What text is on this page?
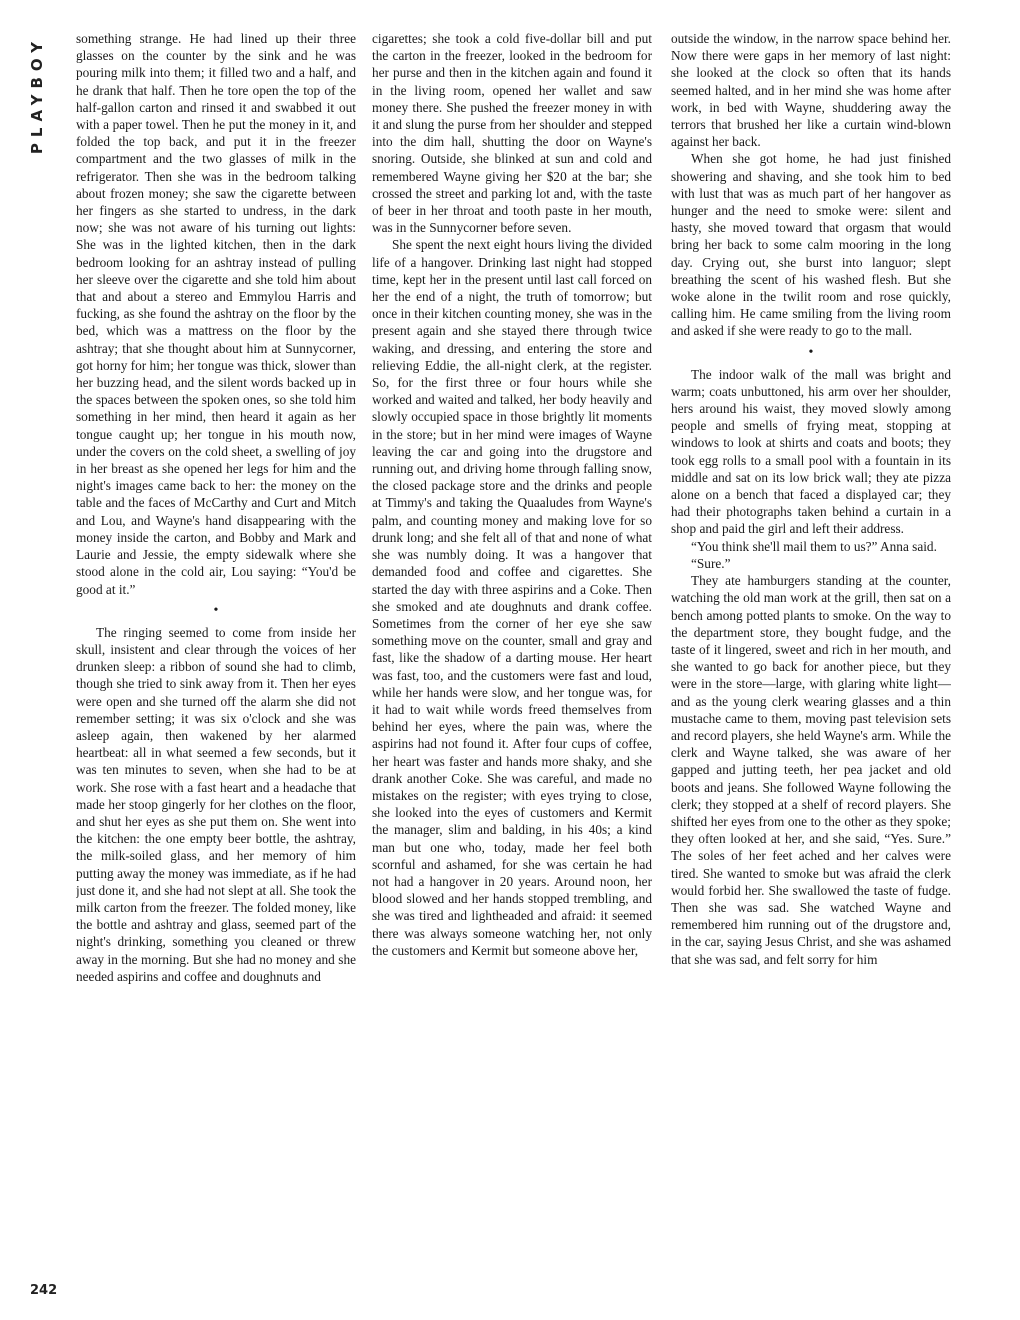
PLAYBOY
242

something strange. He had lined up their three glasses on the counter by the sink and he was pouring milk into them; it filled two and a half, and he drank that half. Then he tore open the top of the half-gallon carton and rinsed it and swabbed it out with a paper towel. Then he put the money in it, and folded the top back, and put it in the freezer compartment and the two glasses of milk in the refrigerator. Then she was in the bedroom talking about frozen money; she saw the cigarette between her fingers as she started to undress, in the dark now; she was not aware of his turning out lights: She was in the lighted kitchen, then in the dark bedroom looking for an ashtray instead of pulling her sleeve over the cigarette and she told him about that and about a stereo and Emmylou Harris and fucking, as she found the ashtray on the floor by the bed, which was a mattress on the floor by the ashtray; that she thought about him at Sunnycorner, got horny for him; her tongue was thick, slower than her buzzing head, and the silent words backed up in the spaces between the spoken ones, so she told him something in her mind, then heard it again as her tongue caught up; her tongue in his mouth now, under the covers on the cold sheet, a swelling of joy in her breast as she opened her legs for him and the night's images came back to her: the money on the table and the faces of McCarthy and Curt and Mitch and Lou, and Wayne's hand disappearing with the money inside the carton, and Bobby and Mark and Laurie and Jessie, the empty sidewalk where she stood alone in the cold air, Lou saying: “You'd be good at it.”

•

The ringing seemed to come from inside her skull, insistent and clear through the voices of her drunken sleep: a ribbon of sound she had to climb, though she tried to sink away from it. Then her eyes were open and she turned off the alarm she did not remember setting; it was six o'clock and she was asleep again, then wakened by her alarmed heartbeat: all in what seemed a few seconds, but it was ten minutes to seven, when she had to be at work. She rose with a fast heart and a headache that made her stoop gingerly for her clothes on the floor, and shut her eyes as she put them on. She went into the kitchen: the one empty beer bottle, the ashtray, the milk-soiled glass, and her memory of him putting away the money was immediate, as if he had just done it, and she had not slept at all. She took the milk carton from the freezer. The folded money, like the bottle and ashtray and glass, seemed part of the night's drinking, something you cleaned or threw away in the morning. But she had no money and she needed aspirins and coffee and doughnuts and

cigarettes; she took a cold five-dollar bill and put the carton in the freezer, looked in the bedroom for her purse and then in the kitchen again and found it in the living room, opened her wallet and saw money there. She pushed the freezer money in with it and slung the purse from her shoulder and stepped into the dim hall, shutting the door on Wayne's snoring. Outside, she blinked at sun and cold and remembered Wayne giving her $20 at the bar; she crossed the street and parking lot and, with the taste of beer in her throat and tooth paste in her mouth, was in the Sunnycorner before seven.

She spent the next eight hours living the divided life of a hangover. Drinking last night had stopped time, kept her in the present until last call forced on her the end of a night, the truth of tomorrow; but once in their kitchen counting money, she was in the present again and she stayed there through twice waking, and dressing, and entering the store and relieving Eddie, the all-night clerk, at the register. So, for the first three or four hours while she worked and waited and talked, her body heavily and slowly occupied space in those brightly lit moments in the store; but in her mind were images of Wayne leaving the car and going into the drugstore and running out, and driving home through falling snow, the closed package store and the drinks and people at Timmy's and taking the Quaaludes from Wayne's palm, and counting money and making love for so drunk long; and she felt all of that and none of what she was numbly doing. It was a hangover that demanded food and coffee and cigarettes. She started the day with three aspirins and a Coke. Then she smoked and ate doughnuts and drank coffee. Sometimes from the corner of her eye she saw something move on the counter, small and gray and fast, like the shadow of a darting mouse. Her heart was fast, too, and the customers were fast and loud, while her hands were slow, and her tongue was, for it had to wait while words freed themselves from behind her eyes, where the pain was, where the aspirins had not found it. After four cups of coffee, her heart was faster and hands more shaky, and she drank another Coke. She was careful, and made no mistakes on the register; with eyes trying to close, she looked into the eyes of customers and Kermit the manager, slim and balding, in his 40s; a kind man but one who, today, made her feel both scornful and ashamed, for she was certain he had not had a hangover in 20 years. Around noon, her blood slowed and her hands stopped trembling, and she was tired and lightheaded and afraid: it seemed there was always someone watching her, not only the customers and Kermit but someone above her,

outside the window, in the narrow space behind her. Now there were gaps in her memory of last night: she looked at the clock so often that its hands seemed halted, and in her mind she was home after work, in bed with Wayne, shuddering away the terrors that brushed her like a curtain wind-blown against her back.

When she got home, he had just finished showering and shaving, and she took him to bed with lust that was as much part of her hangover as hunger and the need to smoke were: silent and hasty, she moved toward that orgasm that would bring her back to some calm mooring in the long day. Crying out, she burst into languor; slept breathing the scent of his washed flesh. But she woke alone in the twilit room and rose quickly, calling him. He came smiling from the living room and asked if she were ready to go to the mall.

•

The indoor walk of the mall was bright and warm; coats unbuttoned, his arm over her shoulder, hers around his waist, they moved slowly among people and smells of frying meat, stopping at windows to look at shirts and coats and boots; they took egg rolls to a small pool with a fountain in its middle and sat on its low brick wall; they ate pizza alone on a bench that faced a displayed car; they had their photographs taken behind a curtain in a shop and paid the girl and left their address.

“You think she'll mail them to us?” Anna said.

“Sure.”

They ate hamburgers standing at the counter, watching the old man work at the grill, then sat on a bench among potted plants to smoke. On the way to the department store, they bought fudge, and the taste of it lingered, sweet and rich in her mouth, and she wanted to go back for another piece, but they were in the store—large, with glaring white light—and as the young clerk wearing glasses and a thin mustache came to them, moving past television sets and record players, she held Wayne's arm. While the clerk and Wayne talked, she was aware of her gapped and jutting teeth, her pea jacket and old boots and jeans. She followed Wayne following the clerk; they stopped at a shelf of record players. She shifted her eyes from one to the other as they spoke; they often looked at her, and she said, “Yes. Sure.” The soles of her feet ached and her calves were tired. She wanted to smoke but was afraid the clerk would forbid her. She swallowed the taste of fudge. Then she was sad. She watched Wayne and remembered him running out of the drugstore and, in the car, saying Jesus Christ, and she was ashamed that she was sad, and felt sorry for him
